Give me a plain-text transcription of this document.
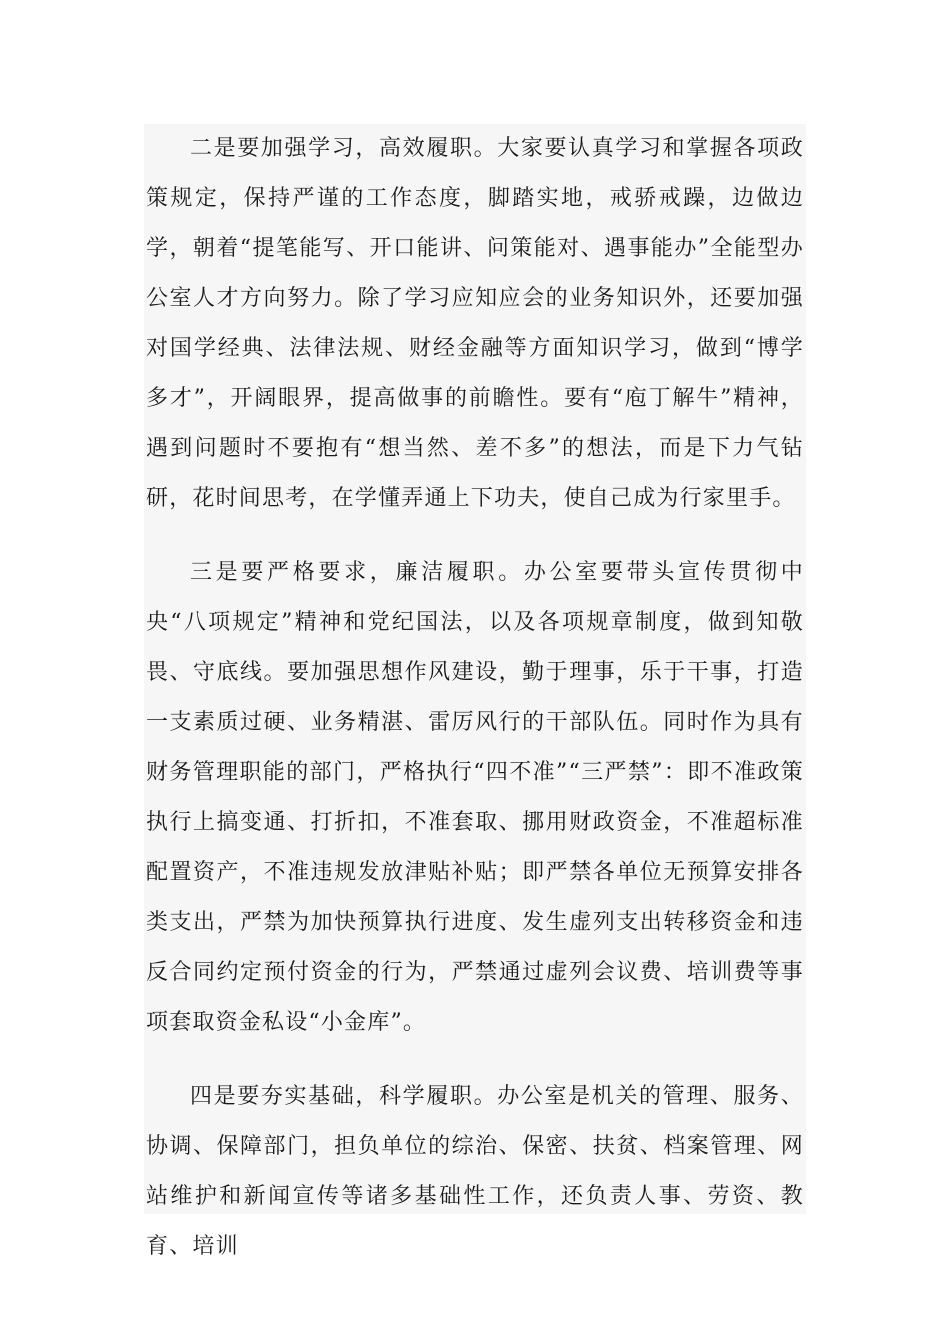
二是要加强学习，高效履职。大家要认真学习和掌握各项政策规定，保持严谨的工作态度，脚踏实地，戒骄戒躁，边做边学，朝着“提笔能写、开口能讲、问策能对、遇事能办”全能型办公室人才方向努力。除了学习应知应会的业务知识外，还要加强对国学经典、法律法规、财经金融等方面知识学习，做到“博学多才”，开阔眼界，提高做事的前瞻性。要有“庖丁解牛”精神，遇到问题时不要抱有“想当然、差不多”的想法，而是下力气钻研，花时间思考，在学懂弄通上下功夫，使自己成为行家里手。

三是要严格要求，廉洁履职。办公室要带头宣传贯彻中央“八项规定”精神和党纪国法，以及各项规章制度，做到知敬畏、守底线。要加强思想作风建设，勤于理事，乐于干事，打造一支素质过硬、业务精湛、雷厉风行的干部队伍。同时作为具有财务管理职能的部门，严格执行“四不准”“三严禁”：即不准政策执行上搞变通、打折扣，不准套取、挪用财政资金，不准超标准配置资产，不准违规发放津贴补贴；即严禁各单位无预算安排各类支出，严禁为加快预算执行进度、发生虚列支出转移资金和违反合同约定预付资金的行为，严禁通过虚列会议费、培训费等事项套取资金私设“小金库”。

四是要夯实基础，科学履职。办公室是机关的管理、服务、协调、保障部门，担负单位的综治、保密、扶贫、档案管理、网站维护和新闻宣传等诸多基础性工作，还负责人事、劳资、教育、培训
